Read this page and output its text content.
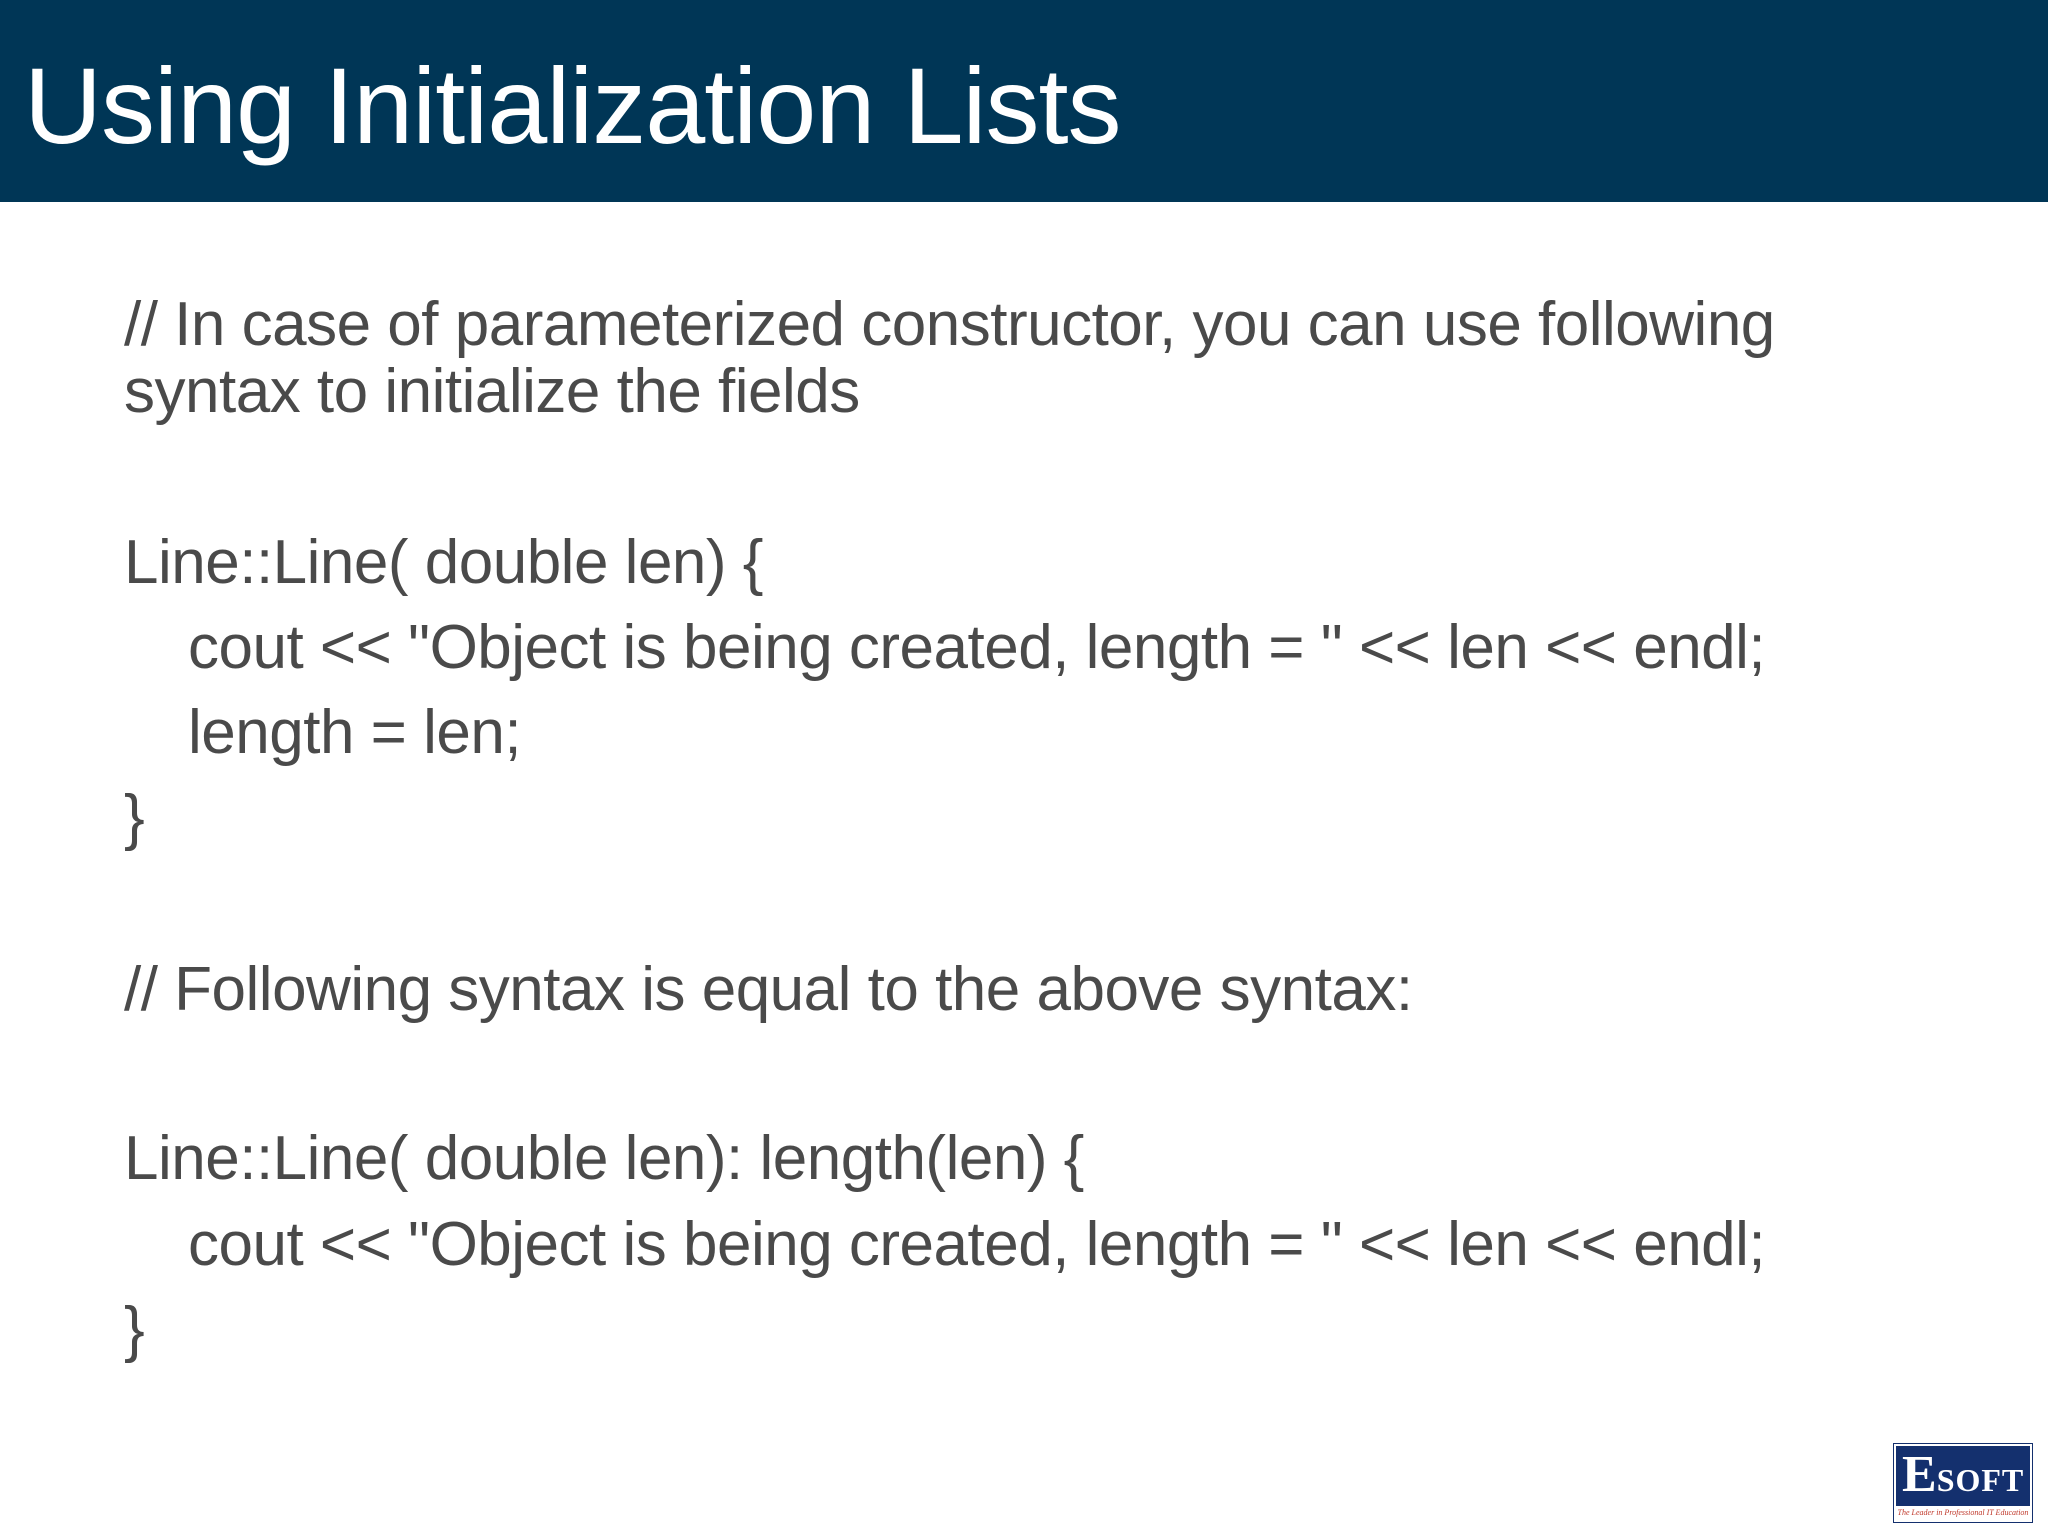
Using Initialization Lists
// In case of parameterized constructor, you can use following
syntax to initialize the fields
Line::Line( double len) {
cout << "Object is being created, length = " << len << endl;
length = len;
}
// Following syntax is equal to the above syntax:
Line::Line( double len): length(len) {
cout << "Object is being created, length = " << len << endl;
}
ESOFT
The Leader in Professional IT Education
